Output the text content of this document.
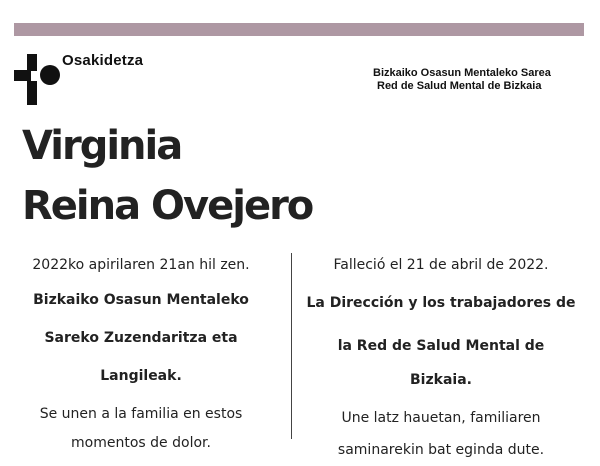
Osakidetza
Bizkaiko Osasun Mentaleko Sarea
Red de Salud Mental de Bizkaia
Virginia
Reina Ovejero

2022ko apirilaren 21an hil zen.

Bizkaiko Osasun Mentaleko

Sareko Zuzendaritza eta

Langileak.

Se unen a la familia en estos

momentos de dolor.

Falleció el 21 de abril de 2022.

La Dirección y los trabajadores de

la Red de Salud Mental de Bizkaia.

Une latz hauetan, familiaren

saminarekin bat eginda dute.
